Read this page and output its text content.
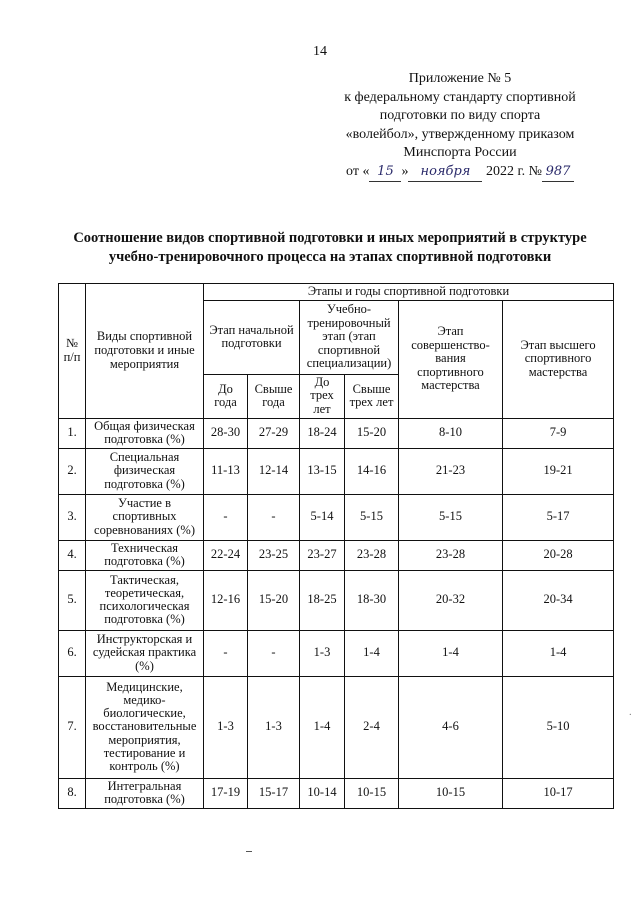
14
Приложение № 5
к федеральному стандарту спортивной
подготовки по виду спорта
«волейбол», утвержденному приказом
Минспорта России
от « 15 » ноября 2022 г. № 987
Соотношение видов спортивной подготовки и иных мероприятий в структуре
учебно-тренировочного процесса на этапах спортивной подготовки
№ п/п	Виды спортивной подготовки и иные мероприятия	Этапы и годы спортивной подготовки					
		Этап начальной подготовки		Учебно-тренировочный этап (этап спортивной специализации)		Этап совершенство-вания спортивного мастерства	Этап высшего спортивного мастерства
		До года	Свыше года	До трех лет	Свыше трех лет		
1.	Общая физическая подготовка (%)	28-30	27-29	18-24	15-20	8-10	7-9
2.	Специальная физическая подготовка (%)	11-13	12-14	13-15	14-16	21-23	19-21
3.	Участие в спортивных соревнованиях (%)	-	-	5-14	5-15	5-15	5-17
4.	Техническая подготовка (%)	22-24	23-25	23-27	23-28	23-28	20-28
5.	Тактическая, теоретическая, психологическая подготовка (%)	12-16	15-20	18-25	18-30	20-32	20-34
6.	Инструкторская и судейская практика (%)	-	-	1-3	1-4	1-4	1-4
7.	Медицинские, медико-биологические, восстановительные мероприятия, тестирование и контроль (%)	1-3	1-3	1-4	2-4	4-6	5-10
8.	Интегральная подготовка (%)	17-19	15-17	10-14	10-15	10-15	10-17
·
